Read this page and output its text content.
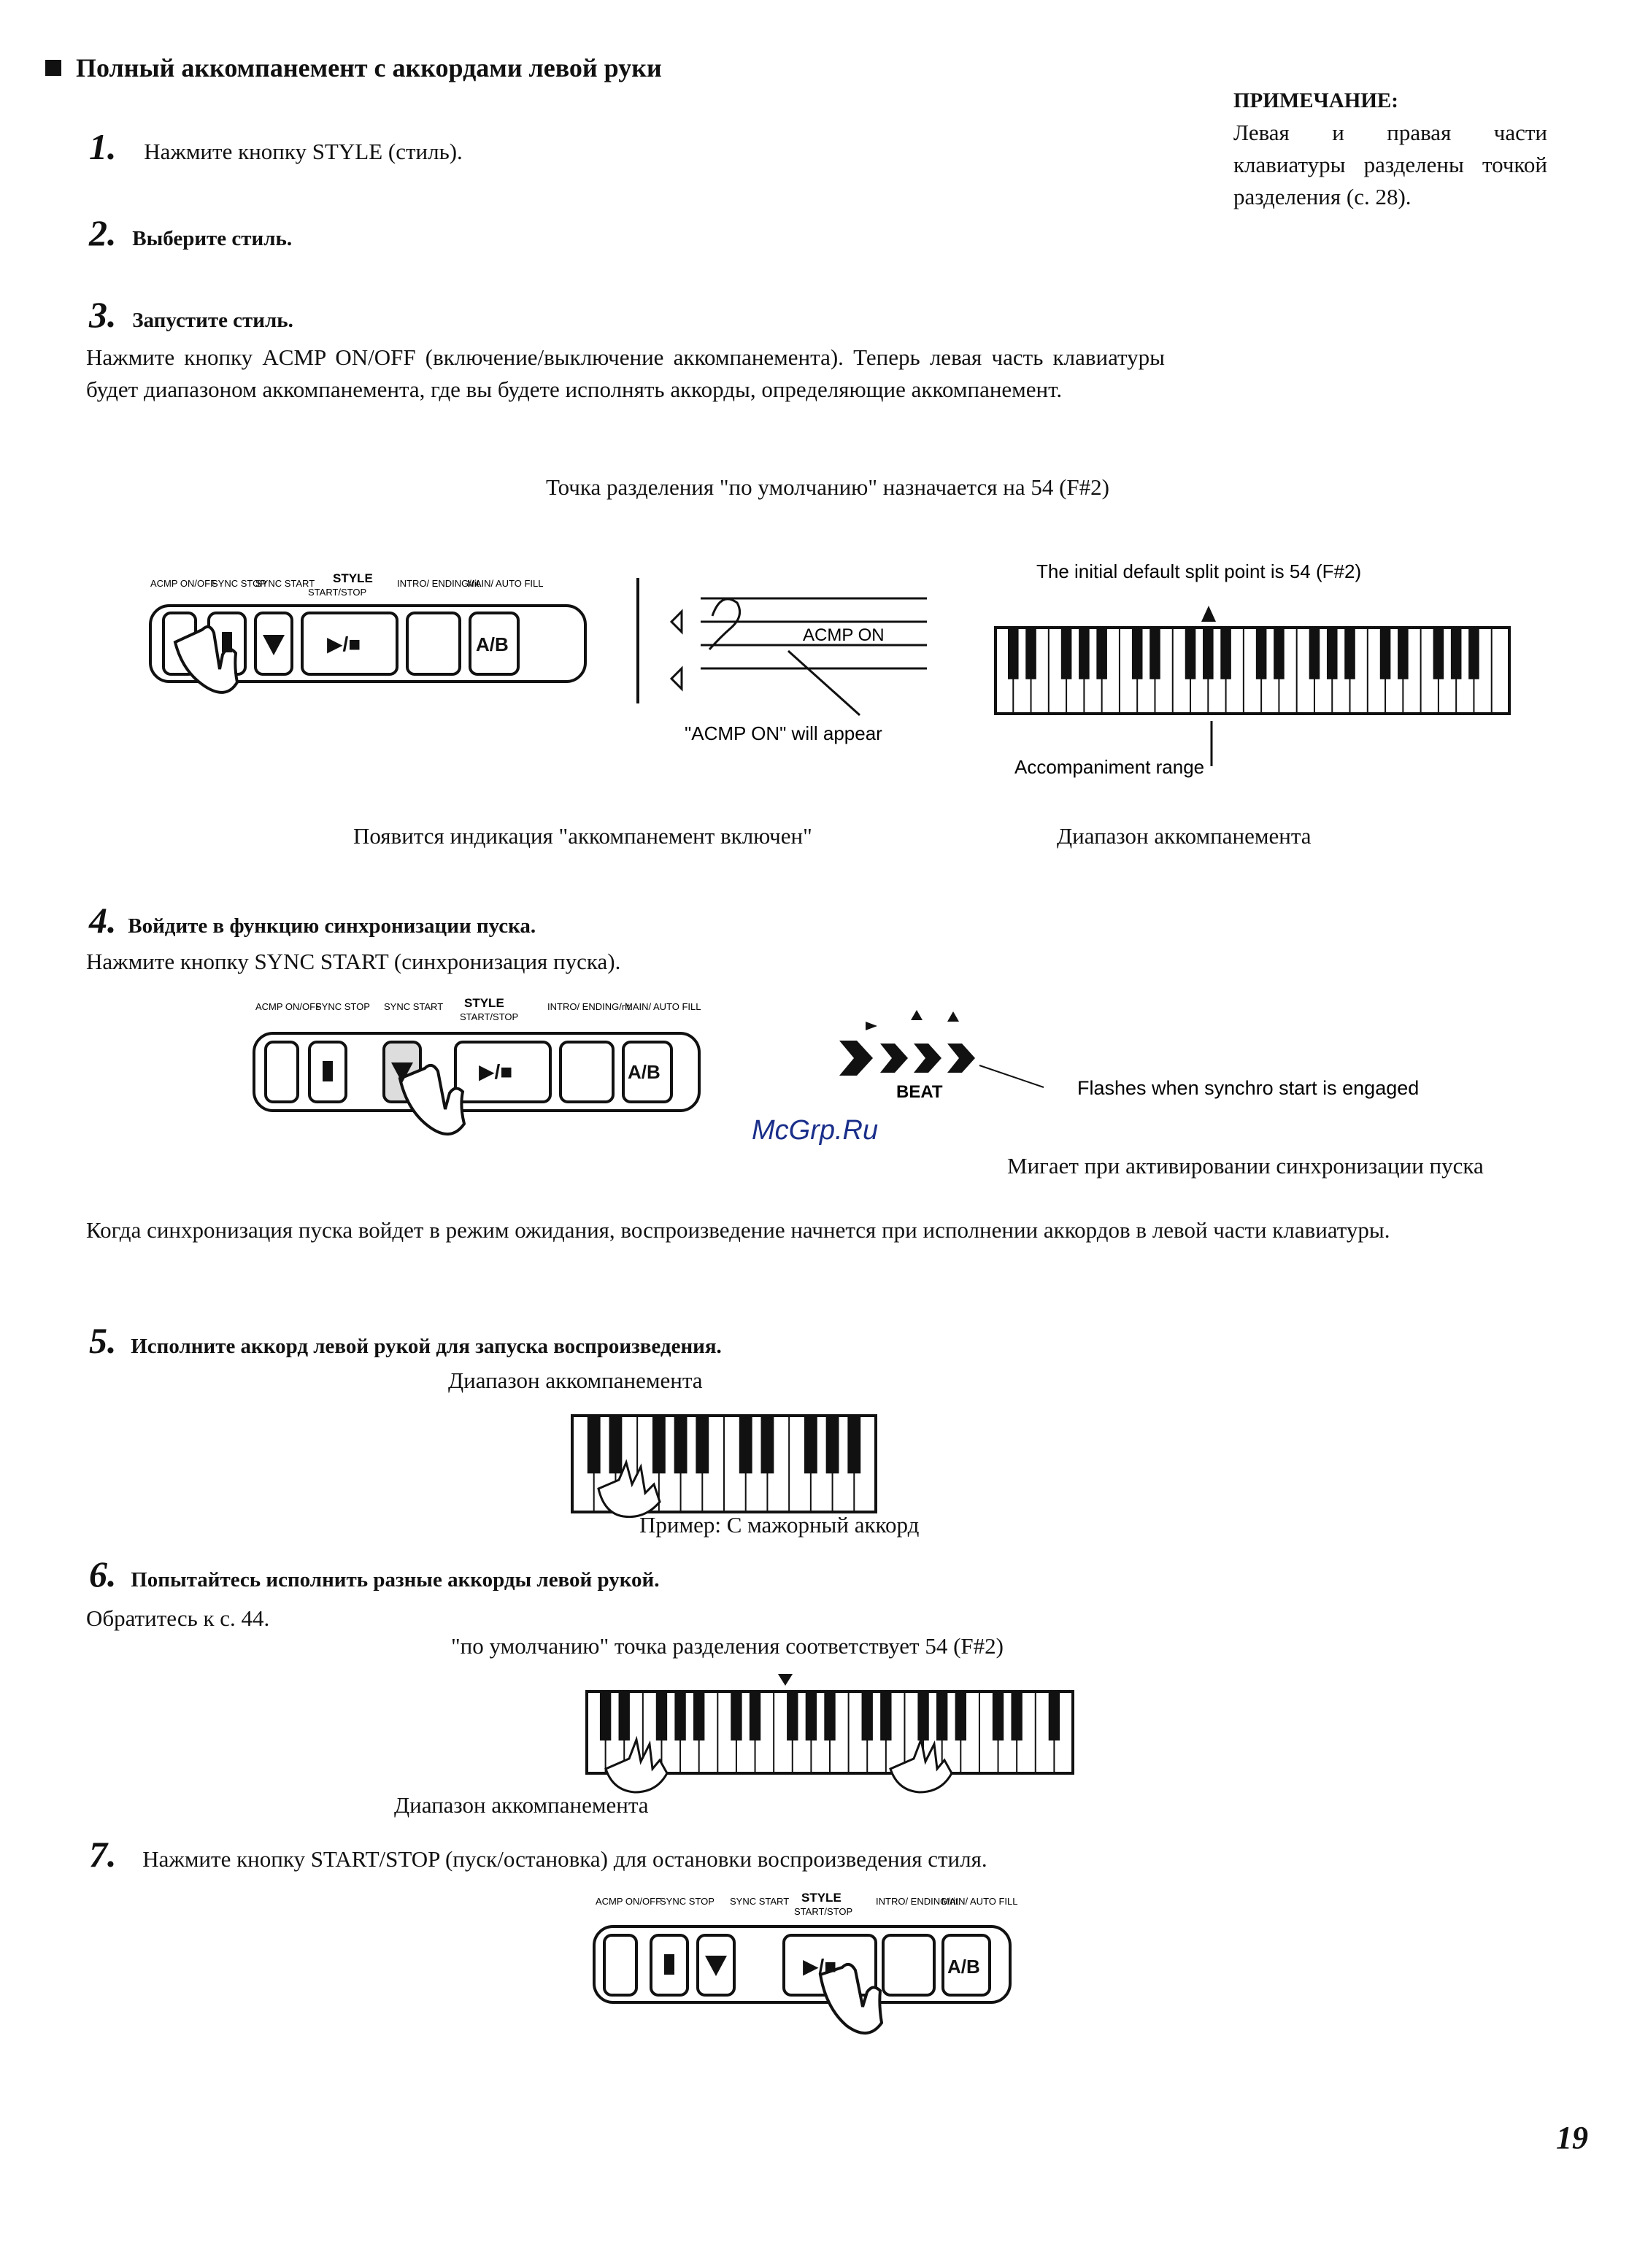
Полный аккомпанемент с аккордами левой руки
ПРИМЕЧАНИЕ:
Левая и правая части клавиатуры разделены точкой разделения (с. 28).
1. Нажмите кнопку STYLE (стиль).
2. Выберите стиль.
3. Запустите стиль.
Нажмите кнопку ACMP ON/OFF (включение/выключение аккомпанемента). Теперь левая часть клавиатуры будет диапазоном аккомпанемента, где вы будете исполнять аккорды, определяющие аккомпанемент.
Точка разделения "по умолчанию" назначается на 54 (F#2)
ACMP ON/OFF
SYNC STOP
SYNC START STYLE
START/STOP
INTRO/ ENDING/rit.
MAIN/ AUTO FILL
▶/■	A/B	ACMP ON
"ACMP ON" will appear
The initial default split point is 54 (F#2)
Accompaniment range
Появится индикация "аккомпанемент включен"	Диапазон аккомпанемента
4. Войдите в функцию синхронизации пуска.
Нажмите кнопку SYNC START (синхронизация пуска).
ACMP ON/OFF
SYNC STOP SYNC START STYLE
START/STOP
INTRO/ ENDING/rit.
MAIN/ AUTO FILL
▶/■	A/B
BEAT	Flashes when synchro start is engaged
McGrp.Ru
Мигает при активировании синхронизации пуска
Когда синхронизация пуска войдет в режим ожидания, воспроизведение начнется при исполнении аккордов в левой части клавиатуры.
5. Исполните аккорд левой рукой для запуска воспроизведения.
Диапазон аккомпанемента
Пример: С мажорный аккорд
6. Попытайтесь исполнить разные аккорды левой рукой.
Обратитесь к с. 44.
"по умолчанию" точка разделения соответствует 54 (F#2)
Диапазон аккомпанемента
7. Нажмите кнопку START/STOP (пуск/остановка) для остановки воспроизведения стиля.
ACMP ON/OFF
SYNC STOP SYNC START STYLE
START/STOP
INTRO/ ENDING/rit.
MAIN/ AUTO FILL
▶/■	A/B
19
